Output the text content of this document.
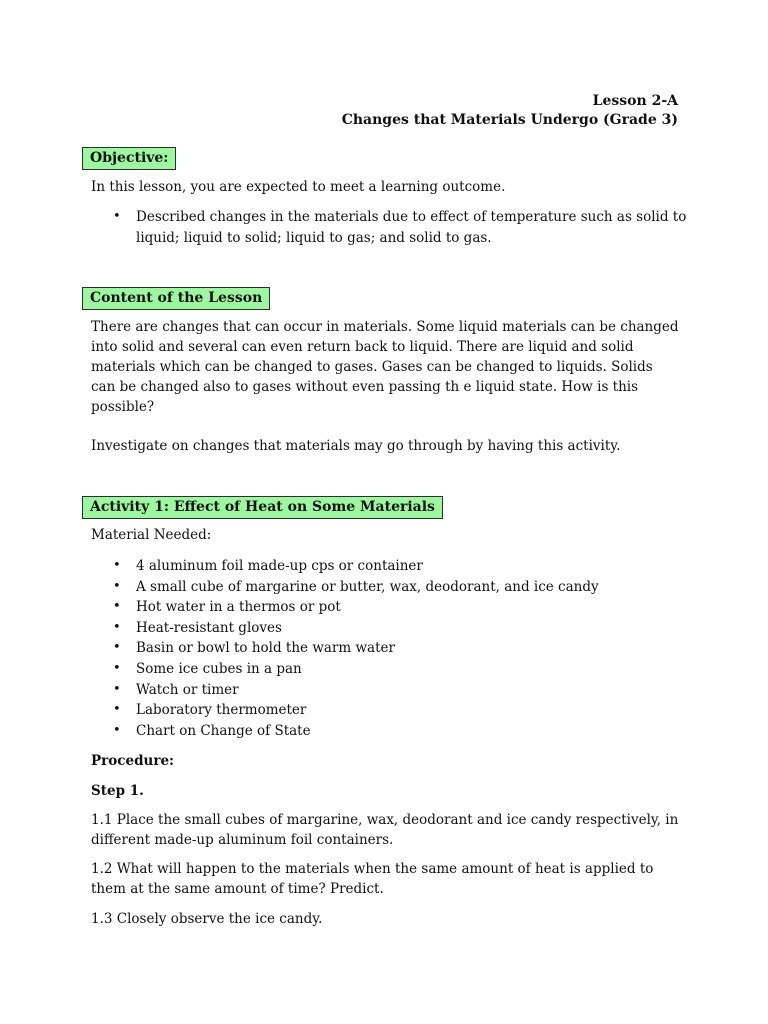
Lesson 2-A
Changes that Materials Undergo (Grade 3)
Objective:
In this lesson, you are expected to meet a learning outcome.
• Described changes in the materials due to effect of temperature such as solid to liquid; liquid to solid; liquid to gas; and solid to gas.
Content of the Lesson
There are changes that can occur in materials. Some liquid materials can be changed into solid and several can even return back to liquid. There are liquid and solid materials which can be changed to gases. Gases can be changed to liquids. Solids can be changed also to gases without even passing th e liquid state. How is this possible?
Investigate on changes that materials may go through by having this activity.
Activity 1: Effect of Heat on Some Materials
Material Needed:
• 4 aluminum foil made-up cps or container
• A small cube of margarine or butter, wax, deodorant, and ice candy
• Hot water in a thermos or pot
• Heat-resistant gloves
• Basin or bowl to hold the warm water
• Some ice cubes in a pan
• Watch or timer
• Laboratory thermometer
• Chart on Change of State
Procedure:
Step 1.
1.1 Place the small cubes of margarine, wax, deodorant and ice candy respectively, in different made-up aluminum foil containers.
1.2 What will happen to the materials when the same amount of heat is applied to them at the same amount of time? Predict.
1.3 Closely observe the ice candy.
